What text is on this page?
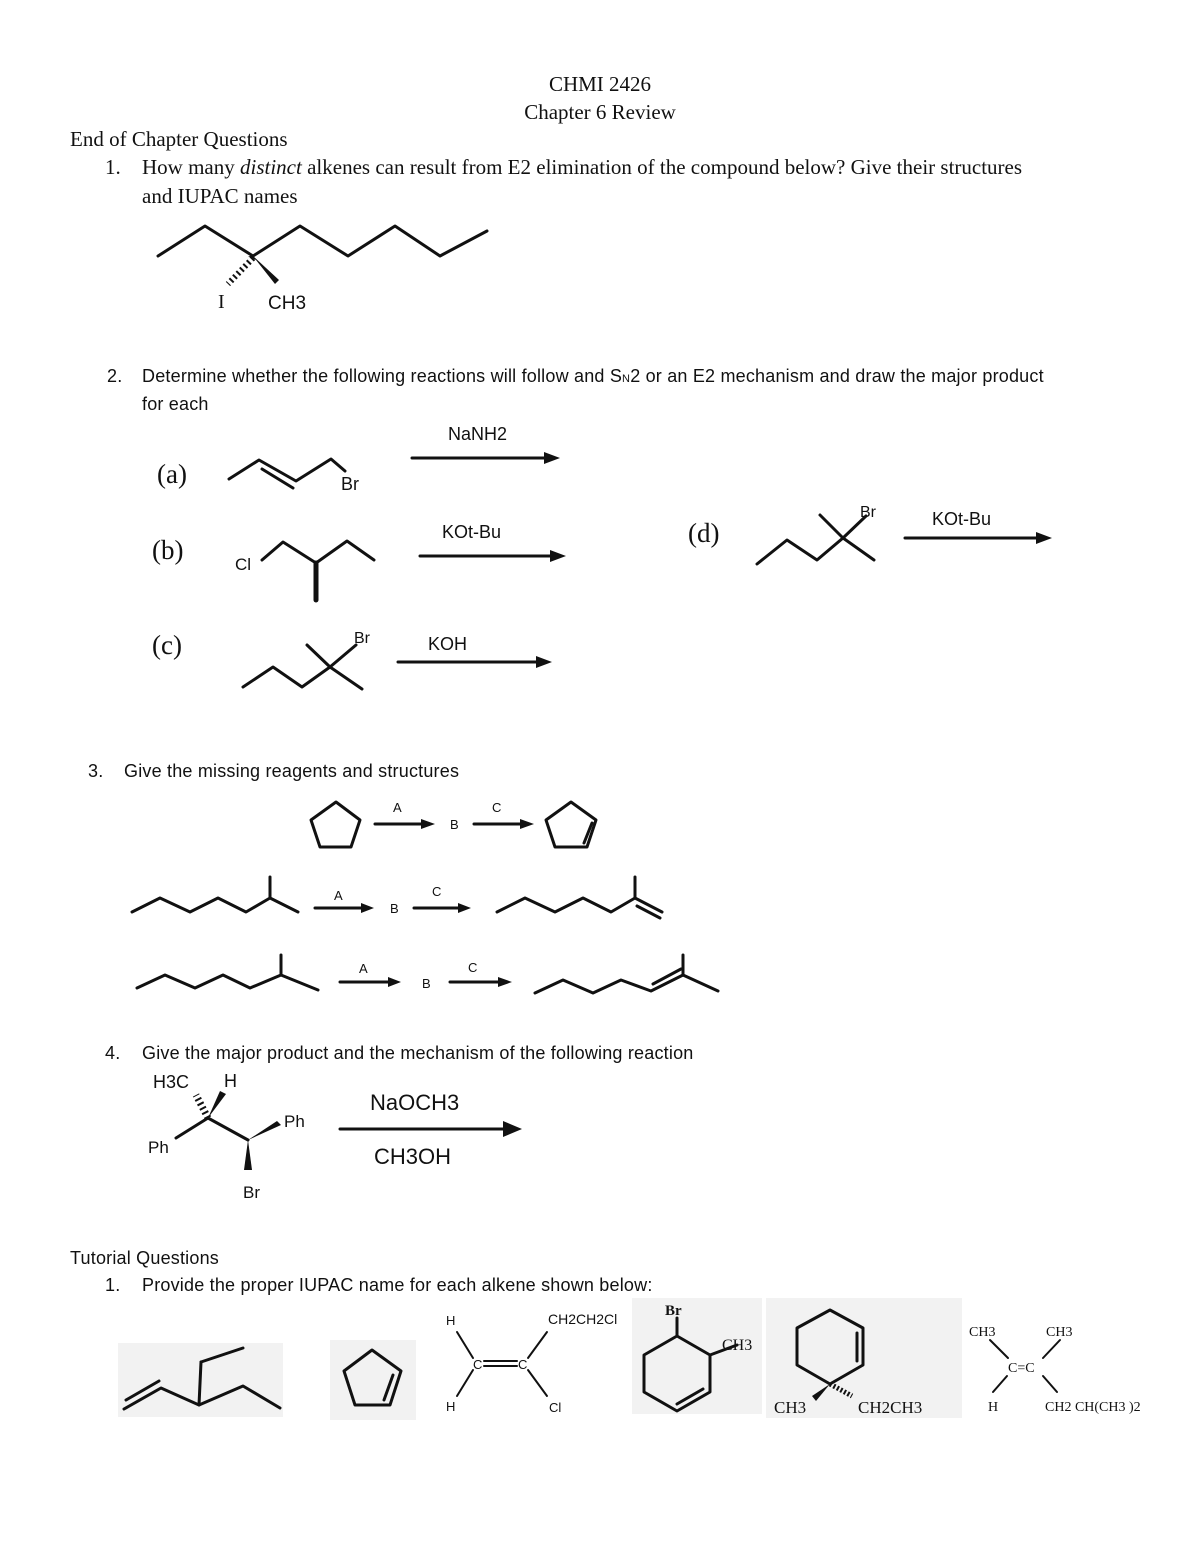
CHMI 2426
Chapter 6 Review
End of Chapter Questions
1. How many distinct alkenes can result from E2 elimination of the compound below? Give their structures
and IUPAC names
I CH3
2. Determine whether the following reactions will follow and SN2 or an E2 mechanism and draw the major product
for each
(a)
(b)
(c)
(d)
NaNH2
KOt-Bu
KOH
KOt-Bu
Br
Cl
Br
Br
3. Give the missing reagents and structures
A
B
C
A
B
C
A
B
C
4. Give the major product and the mechanism of the following reaction
H3C H
Ph
Ph
Br
NaOCH3
CH3OH
Tutorial Questions
1. Provide the proper IUPAC name for each alkene shown below:
H
H
C	C
CH2CH2Cl
Cl
Br
CH3
CH3	CH2CH3
CH3	CH3
C=C
H	CH2 CH(CH3 )2
